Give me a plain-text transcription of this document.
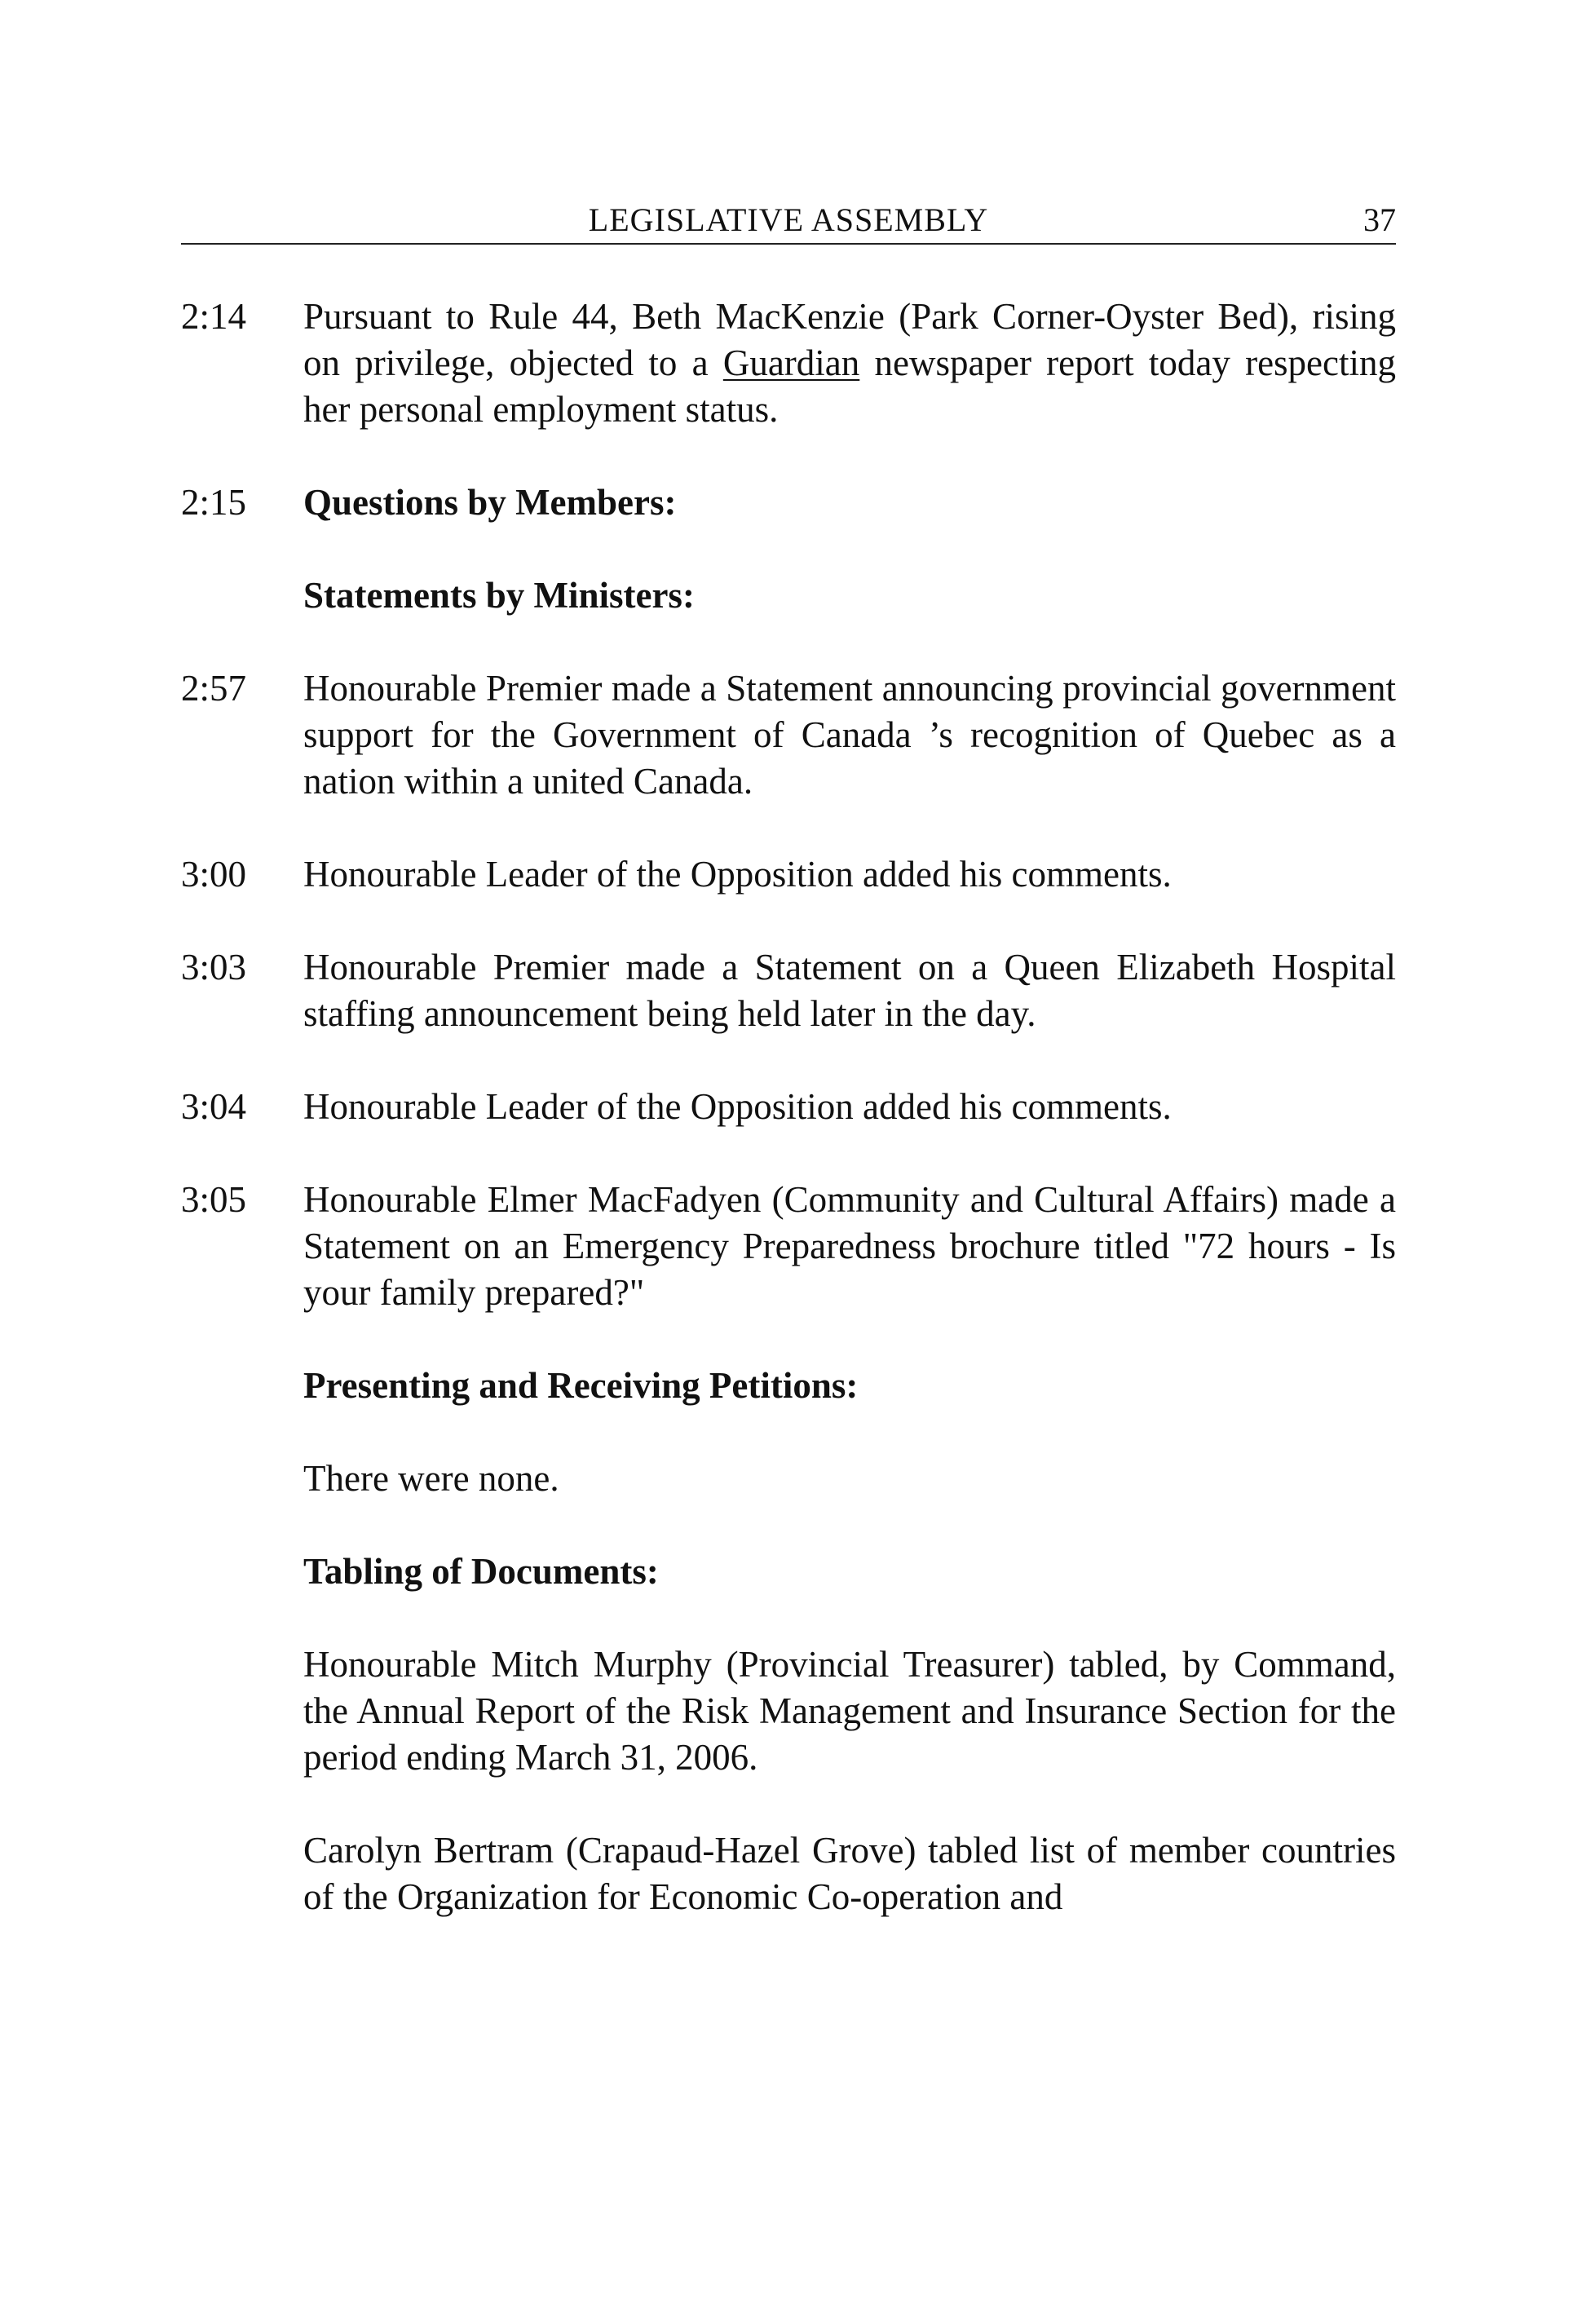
LEGISLATIVE ASSEMBLY	37
2:14	Pursuant to Rule 44, Beth MacKenzie (Park Corner-Oyster Bed), rising on privilege, objected to a Guardian newspaper report today respecting her personal employment status.

2:15	Questions by Members:

Statements by Ministers:

2:57	Honourable Premier made a Statement announcing provincial government support for the Government of Canada ’s recognition of Quebec as a nation within a united Canada.

3:00	Honourable Leader of the Opposition added his comments.

3:03	Honourable Premier made a Statement on a Queen Elizabeth Hospital staffing announcement being held later in the day.

3:04	Honourable Leader of the Opposition added his comments.

3:05	Honourable Elmer MacFadyen (Community and Cultural Affairs) made a Statement on an Emergency Preparedness brochure titled "72 hours - Is your family prepared?"

Presenting and Receiving Petitions:

There were none.

Tabling of Documents:

Honourable Mitch Murphy (Provincial Treasurer) tabled, by Command, the Annual Report of the Risk Management and Insurance Section for the period ending March 31, 2006.

Carolyn Bertram (Crapaud-Hazel Grove) tabled list of member countries of the Organization for Economic Co-operation and
